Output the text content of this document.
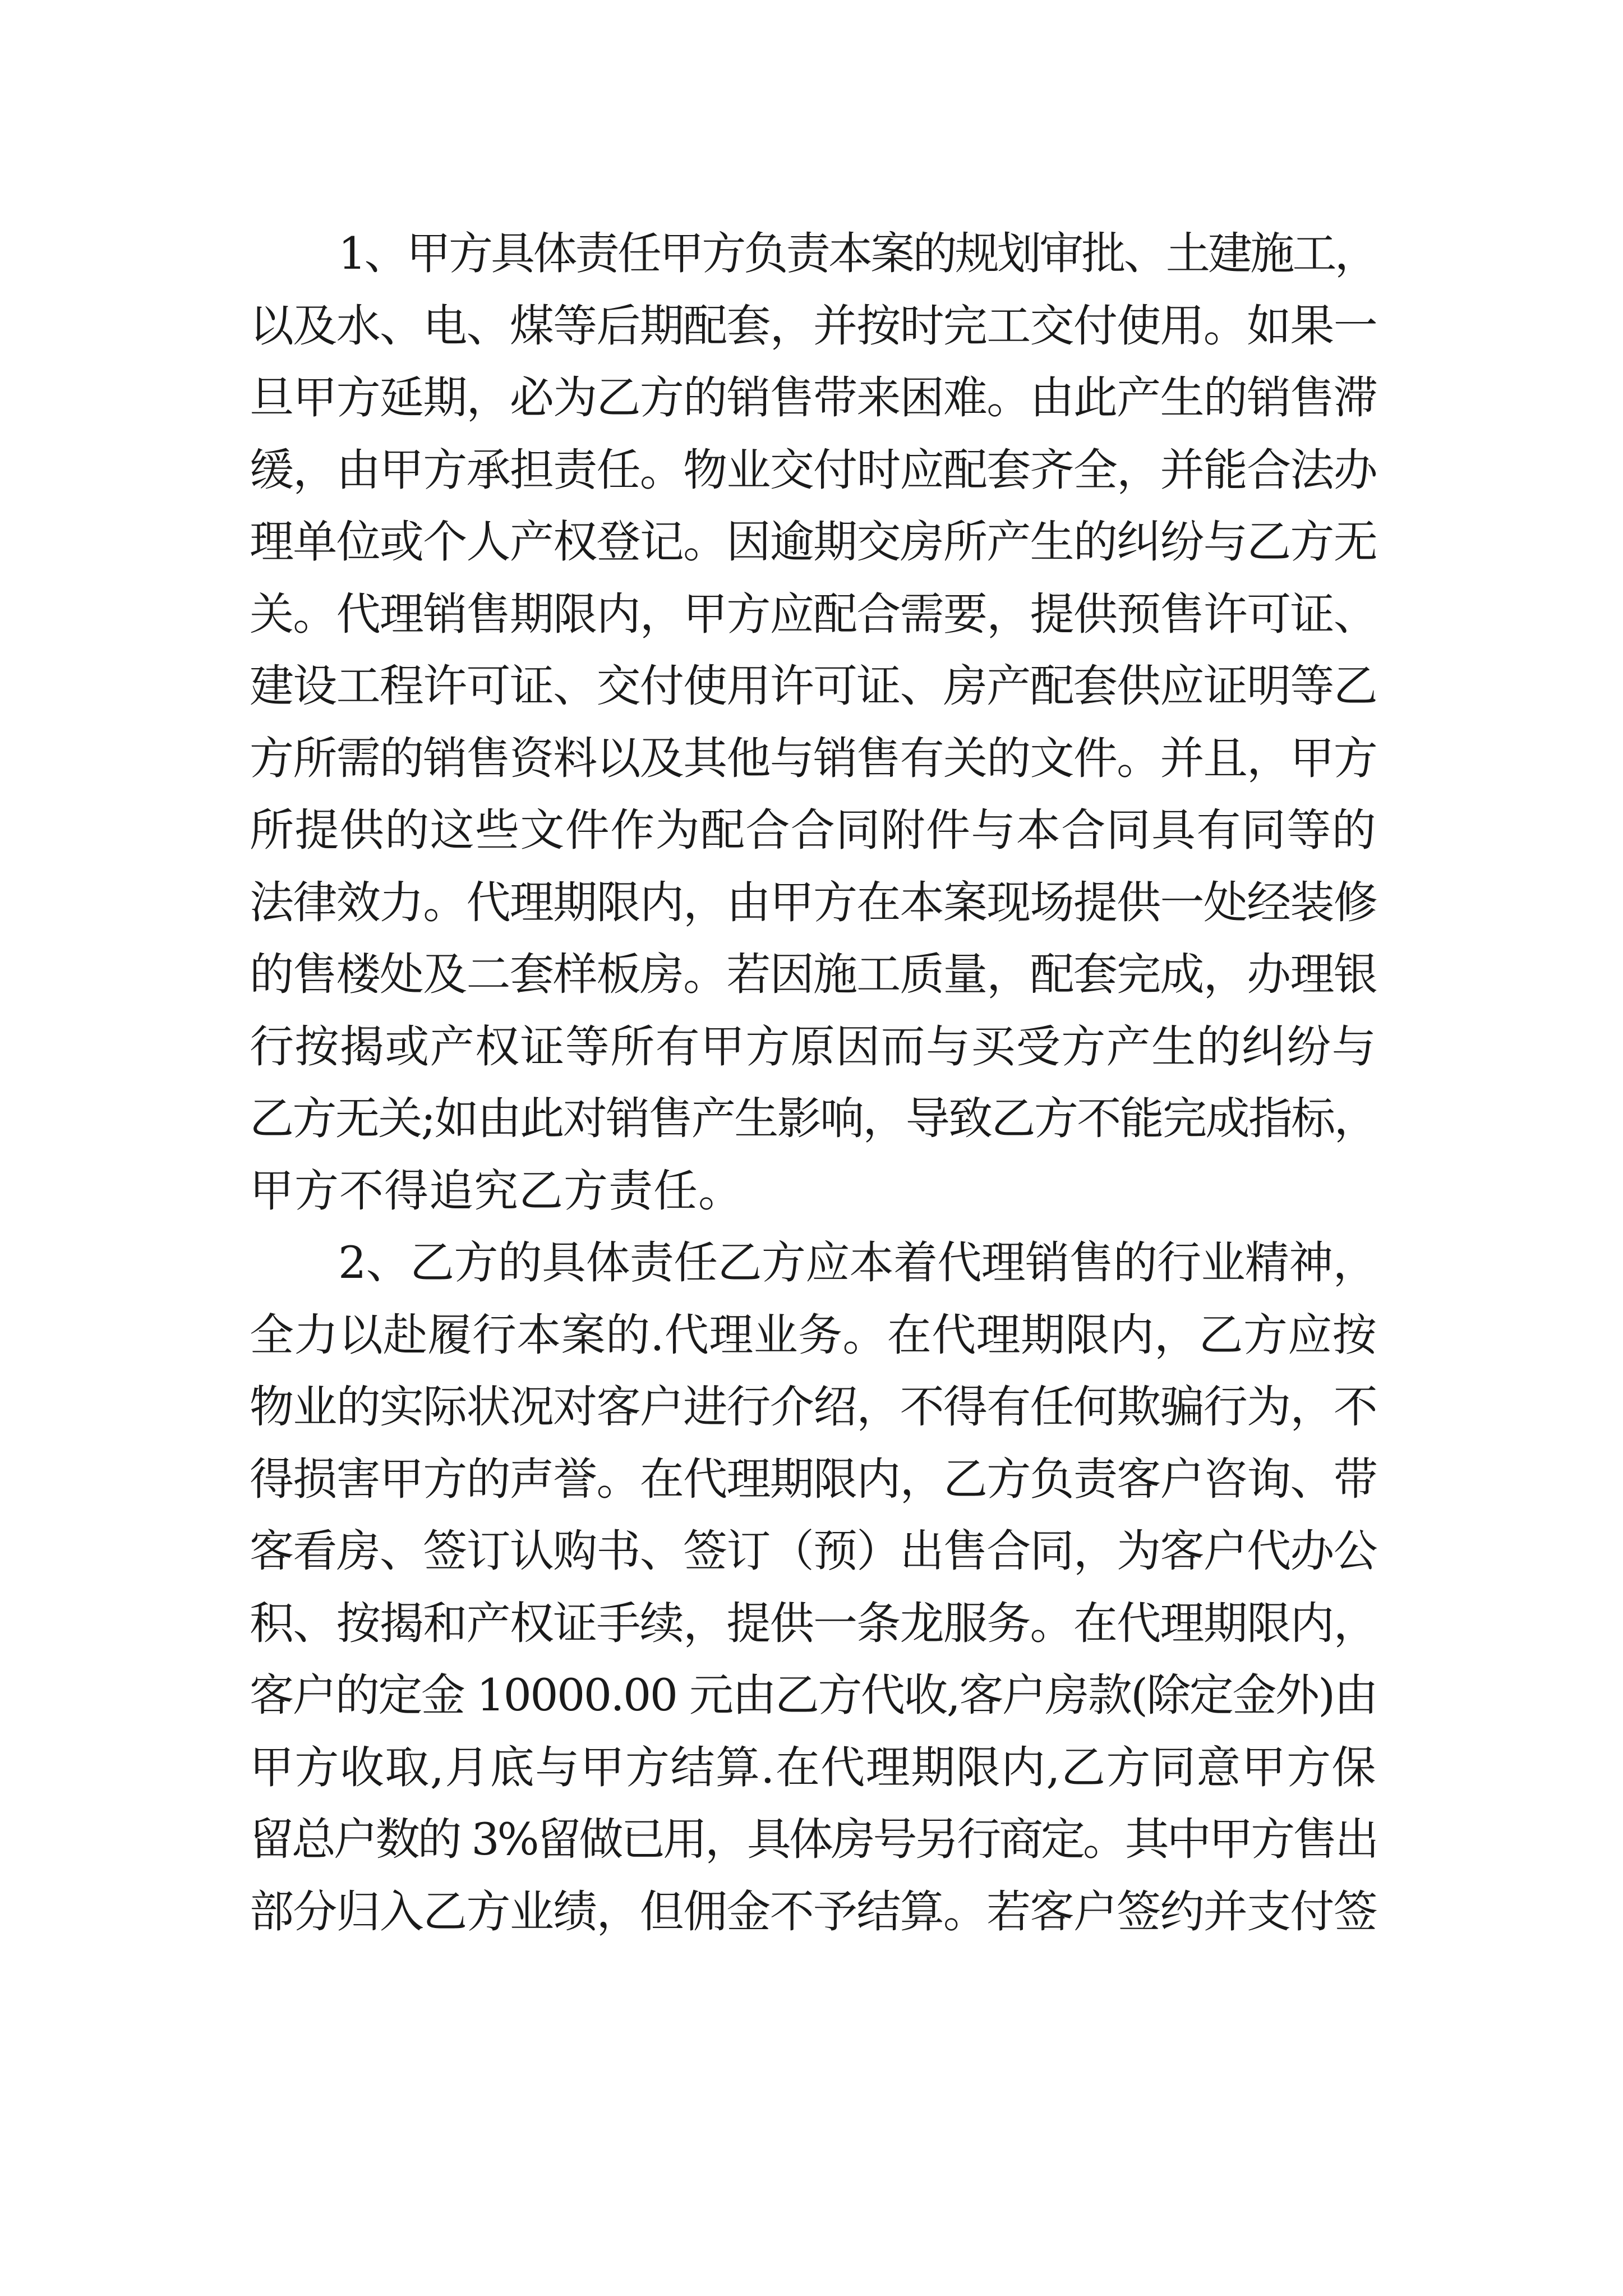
1、甲方具体责任甲方负责本案的规划审批、土建施工，
以及水、电、煤等后期配套，并按时完工交付使用。如果一
旦甲方延期，必为乙方的销售带来困难。由此产生的销售滞
缓，由甲方承担责任。物业交付时应配套齐全，并能合法办
理单位或个人产权登记。因逾期交房所产生的纠纷与乙方无
关。代理销售期限内，甲方应配合需要，提供预售许可证、
建设工程许可证、交付使用许可证、房产配套供应证明等乙
方所需的销售资料以及其他与销售有关的文件。并且，甲方
所提供的这些文件作为配合合同附件与本合同具有同等的
法律效力。代理期限内，由甲方在本案现场提供一处经装修
的售楼处及二套样板房。若因施工质量，配套完成，办理银
行按揭或产权证等所有甲方原因而与买受方产生的纠纷与
乙方无关;如由此对销售产生影响，导致乙方不能完成指标，
甲方不得追究乙方责任。
2、乙方的具体责任乙方应本着代理销售的行业精神，
全力以赴履行本案的.代理业务。在代理期限内，乙方应按
物业的实际状况对客户进行介绍，不得有任何欺骗行为，不
得损害甲方的声誉。在代理期限内，乙方负责客户咨询、带
客看房、签订认购书、签订（预）出售合同，为客户代办公
积、按揭和产权证手续，提供一条龙服务。在代理期限内，
客户的定金 10000.00 元由乙方代收,客户房款(除定金外)由
甲方收取,月底与甲方结算.在代理期限内,乙方同意甲方保
留总户数的 3%留做已用，具体房号另行商定。其中甲方售出
部分归入乙方业绩，但佣金不予结算。若客户签约并支付签
